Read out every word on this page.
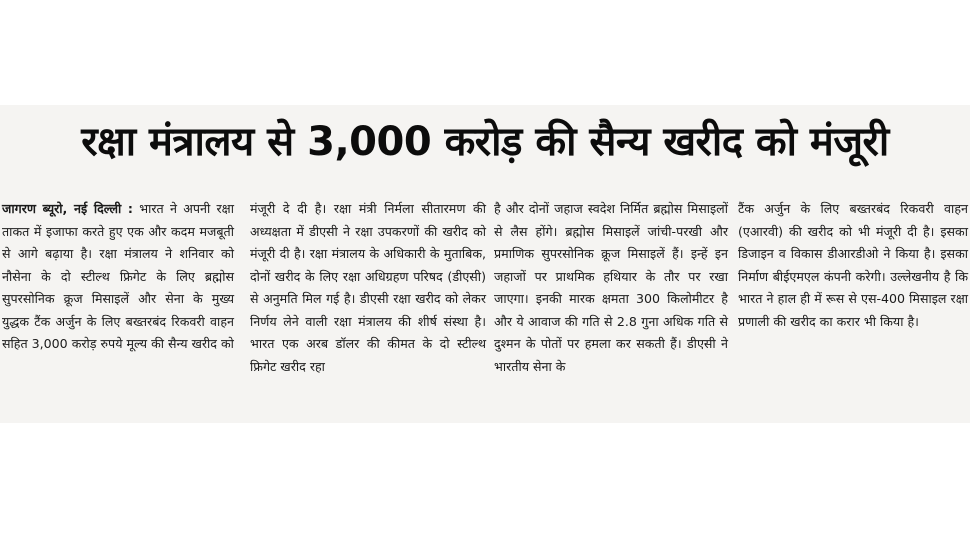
रक्षा मंत्रालय से 3,000 करोड़ की सैन्य खरीद को मंजूरी

जागरण ब्यूरो, नई दिल्ली : भारत ने अपनी रक्षा ताकत में इजाफा करते हुए एक और कदम मजबूती से आगे बढ़ाया है। रक्षा मंत्रालय ने शनिवार को नौसेना के दो स्टील्थ फ्रिगेट के लिए ब्रह्मोस सुपरसोनिक क्रूज मिसाइलें और सेना के मुख्य युद्धक टैंक अर्जुन के लिए बख्तरबंद रिकवरी वाहन सहित 3,000 करोड़ रुपये मूल्य की सैन्य खरीद को

मंजूरी दे दी है। रक्षा मंत्री निर्मला सीतारमण की अध्यक्षता में डीएसी ने रक्षा उपकरणों की खरीद को मंजूरी दी है। रक्षा मंत्रालय के अधिकारी के मुताबिक, दोनों खरीद के लिए रक्षा अधिग्रहण परिषद (डीएसी) से अनुमति मिल गई है। डीएसी रक्षा खरीद को लेकर निर्णय लेने वाली रक्षा मंत्रालय की शीर्ष संस्था है। भारत एक अरब डॉलर की कीमत के दो स्टील्थ फ्रिगेट खरीद रहा

है और दोनों जहाज स्वदेश निर्मित ब्रह्मोस मिसाइलों से लैस होंगे। ब्रह्मोस मिसाइलें जांची-परखी और प्रमाणिक सुपरसोनिक क्रूज मिसाइलें हैं। इन्हें इन जहाजों पर प्राथमिक हथियार के तौर पर रखा जाएगा। इनकी मारक क्षमता 300 किलोमीटर है और ये आवाज की गति से 2.8 गुना अधिक गति से दुश्मन के पोतों पर हमला कर सकती हैं। डीएसी ने भारतीय सेना के

टैंक अर्जुन के लिए बख्तरबंद रिकवरी वाहन (एआरवी) की खरीद को भी मंजूरी दी है। इसका डिजाइन व विकास डीआरडीओ ने किया है। इसका निर्माण बीईएमएल कंपनी करेगी। उल्लेखनीय है कि भारत ने हाल ही में रूस से एस-400 मिसाइल रक्षा प्रणाली की खरीद का करार भी किया है।
